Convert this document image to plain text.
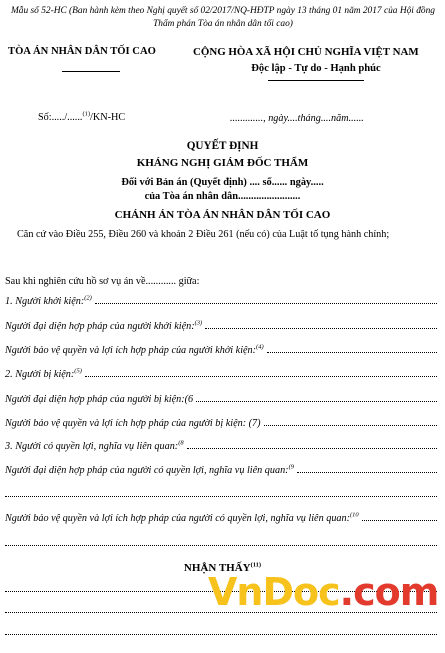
Mẫu số 52-HC (Ban hành kèm theo Nghị quyết số 02/2017/NQ-HĐTP ngày 13 tháng 01 năm 2017 của Hội đồng Thẩm phán Tòa án nhân dân tối cao)
TÒA ÁN NHÂN DÂN TỐI CAO	CỘNG HÒA XÃ HỘI CHỦ NGHĨA VIỆT NAM
Độc lập - Tự do - Hạnh phúc
Số:...../......$^{(1)}$/KN-HC	............., ngày....tháng....năm......
QUYẾT ĐỊNH
KHÁNG NGHỊ GIÁM ĐỐC THẨM
Đối với Bản án (Quyết định) .... số...... ngày.....
của Tòa án nhân dân........................
CHÁNH ÁN TÒA ÁN NHÂN DÂN TỐI CAO
Căn cứ vào Điều 255, Điều 260 và khoản 2 Điều 261 (nếu có) của Luật tố tụng hành chính;
Sau khi nghiên cứu hồ sơ vụ án về............ giữa:
1. Người khởi kiện:$^{(2)}$
Người đại diện hợp pháp của người khởi kiện:$^{(3)}$
Người bảo vệ quyền và lợi ích hợp pháp của người khởi kiện:$^{(4)}$
2. Người bị kiện:$^{(5)}$
Người đại diện hợp pháp của người bị kiện:(6
Người bảo vệ quyền và lợi ích hợp pháp của người bị kiện: (7)
3. Người có quyền lợi, nghĩa vụ liên quan:$^{(8}$
Người đại diện hợp pháp của người có quyền lợi, nghĩa vụ liên quan:$^{(9}$
Người bảo vệ quyền và lợi ích hợp pháp của người có quyền lợi, nghĩa vụ liên quan:$^{(10}$
NHẬN THẤY$^{(11)}$
VnDoc.com
